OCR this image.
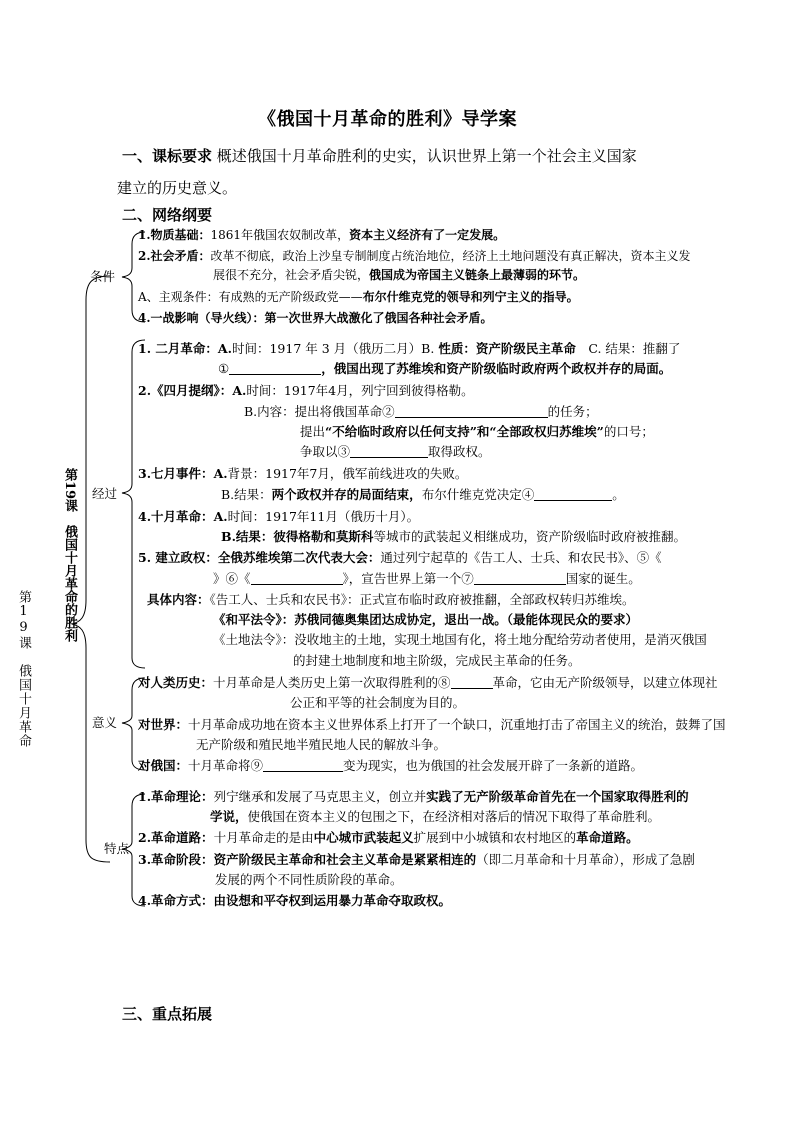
《俄国十月革命的胜利》导学案
一、课标要求 概述俄国十月革命胜利的史实，认识世界上第一个社会主义国家
建立的历史意义。
二、网络纲要
三、重点拓展
第19课　俄国十月革命
第19课　俄国十月革命的胜利
条件
经过
意义
特点
1.物质基础：1861年俄国农奴制改革，资本主义经济有了一定发展。
2.社会矛盾：改革不彻底，政治上沙皇专制制度占统治地位，经济上土地问题没有真正解决，资本主义发
展很不充分，社会矛盾尖锐，俄国成为帝国主义链条上最薄弱的环节。
A、主观条件：有成熟的无产阶级政党——布尔什维克党的领导和列宁主义的指导。
4.一战影响（导火线）：第一次世界大战激化了俄国各种社会矛盾。
1. 二月革命：A.时间：1917 年 3 月（俄历二月）B. 性质：资产阶级民主革命　C. 结果：推翻了
①	，俄国出现了苏维埃和资产阶级临时政府两个政权并存的局面。
2.《四月提纲》：A.时间：1917年4月，列宁回到彼得格勒。
B.内容：提出将俄国革命②	的任务；
提出“不给临时政府以任何支持”和“全部政权归苏维埃”的口号；
争取以③	取得政权。
3.七月事件：A.背景：1917年7月，俄军前线进攻的失败。
B.结果：两个政权并存的局面结束，布尔什维克党决定④	。
4.十月革命：A.时间：1917年11月（俄历十月）。
B.结果：彼得格勒和莫斯科等城市的武装起义相继成功，资产阶级临时政府被推翻。
5. 建立政权：全俄苏维埃第二次代表大会：通过列宁起草的《告工人、士兵、和农民书》、⑤《
》⑥《	》，宣告世界上第一个⑦	国家的诞生。
具体内容：《告工人、士兵和农民书》：正式宣布临时政府被推翻，全部政权转归苏维埃。
《和平法令》：苏俄同德奥集团达成协定，退出一战。（最能体现民众的要求）
《土地法令》：没收地主的土地，实现土地国有化，将土地分配给劳动者使用，是消灭俄国
的封建土地制度和地主阶级，完成民主革命的任务。
对人类历史：十月革命是人类历史上第一次取得胜利的⑧	革命，它由无产阶级领导，以建立体现社
公正和平等的社会制度为目的。
对世界：十月革命成功地在资本主义世界体系上打开了一个缺口，沉重地打击了帝国主义的统治，鼓舞了国
无产阶级和殖民地半殖民地人民的解放斗争。
对俄国：十月革命将⑨	变为现实，也为俄国的社会发展开辟了一条新的道路。
1.革命理论：列宁继承和发展了马克思主义，创立并实践了无产阶级革命首先在一个国家取得胜利的
学说，使俄国在资本主义的包围之下，在经济相对落后的情况下取得了革命胜利。
2.革命道路：十月革命走的是由中心城市武装起义扩展到中小城镇和农村地区的革命道路。
3.革命阶段：资产阶级民主革命和社会主义革命是紧紧相连的（即二月革命和十月革命），形成了急剧
发展的两个不同性质阶段的革命。
4.革命方式：由设想和平夺权到运用暴力革命夺取政权。
